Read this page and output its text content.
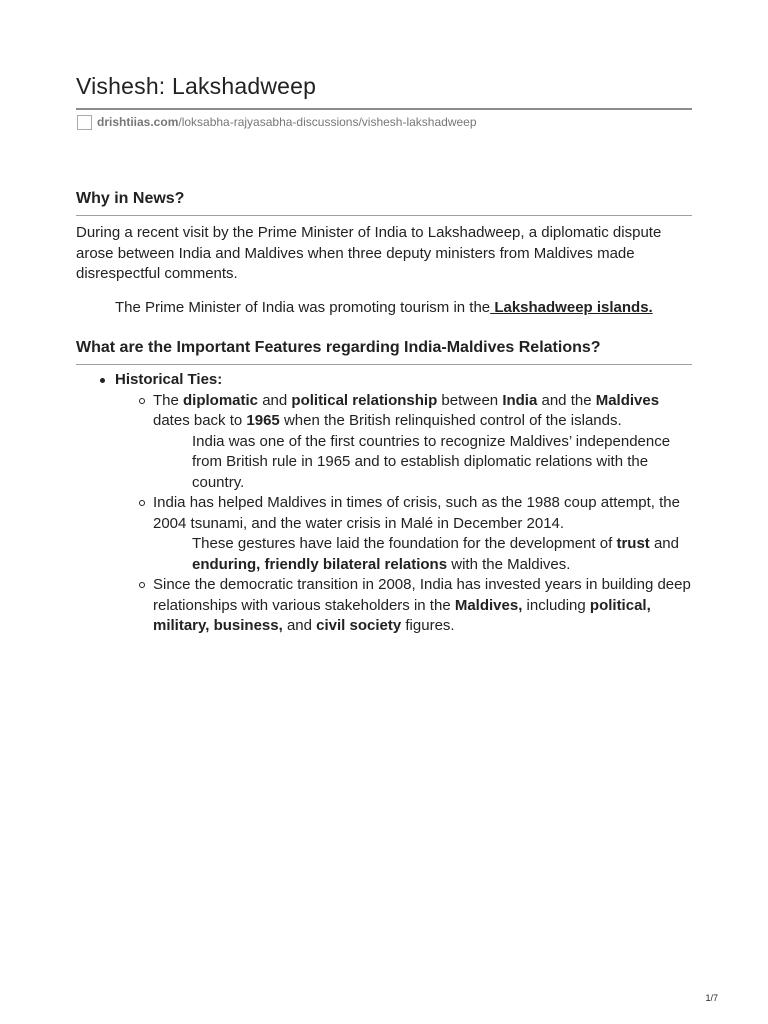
Vishesh: Lakshadweep
drishtiias.com /loksabha-rajyasabha-discussions/vishesh-lakshadweep
Why in News?

During a recent visit by the Prime Minister of India to Lakshadweep, a diplomatic dispute arose between India and Maldives when three deputy ministers from Maldives made disrespectful comments.

The Prime Minister of India was promoting tourism in the Lakshadweep islands.

What are the Important Features regarding India-Maldives Relations?
Historical Ties:
The diplomatic and political relationship between India and the Maldives dates back to 1965 when the British relinquished control of the islands.
India was one of the first countries to recognize Maldives’ independence from British rule in 1965 and to establish diplomatic relations with the country.
India has helped Maldives in times of crisis, such as the 1988 coup attempt, the 2004 tsunami, and the water crisis in Malé in December 2014.
These gestures have laid the foundation for the development of trust and enduring, friendly bilateral relations with the Maldives.
Since the democratic transition in 2008, India has invested years in building deep relationships with various stakeholders in the Maldives, including political, military, business, and civil society figures.
1/7
